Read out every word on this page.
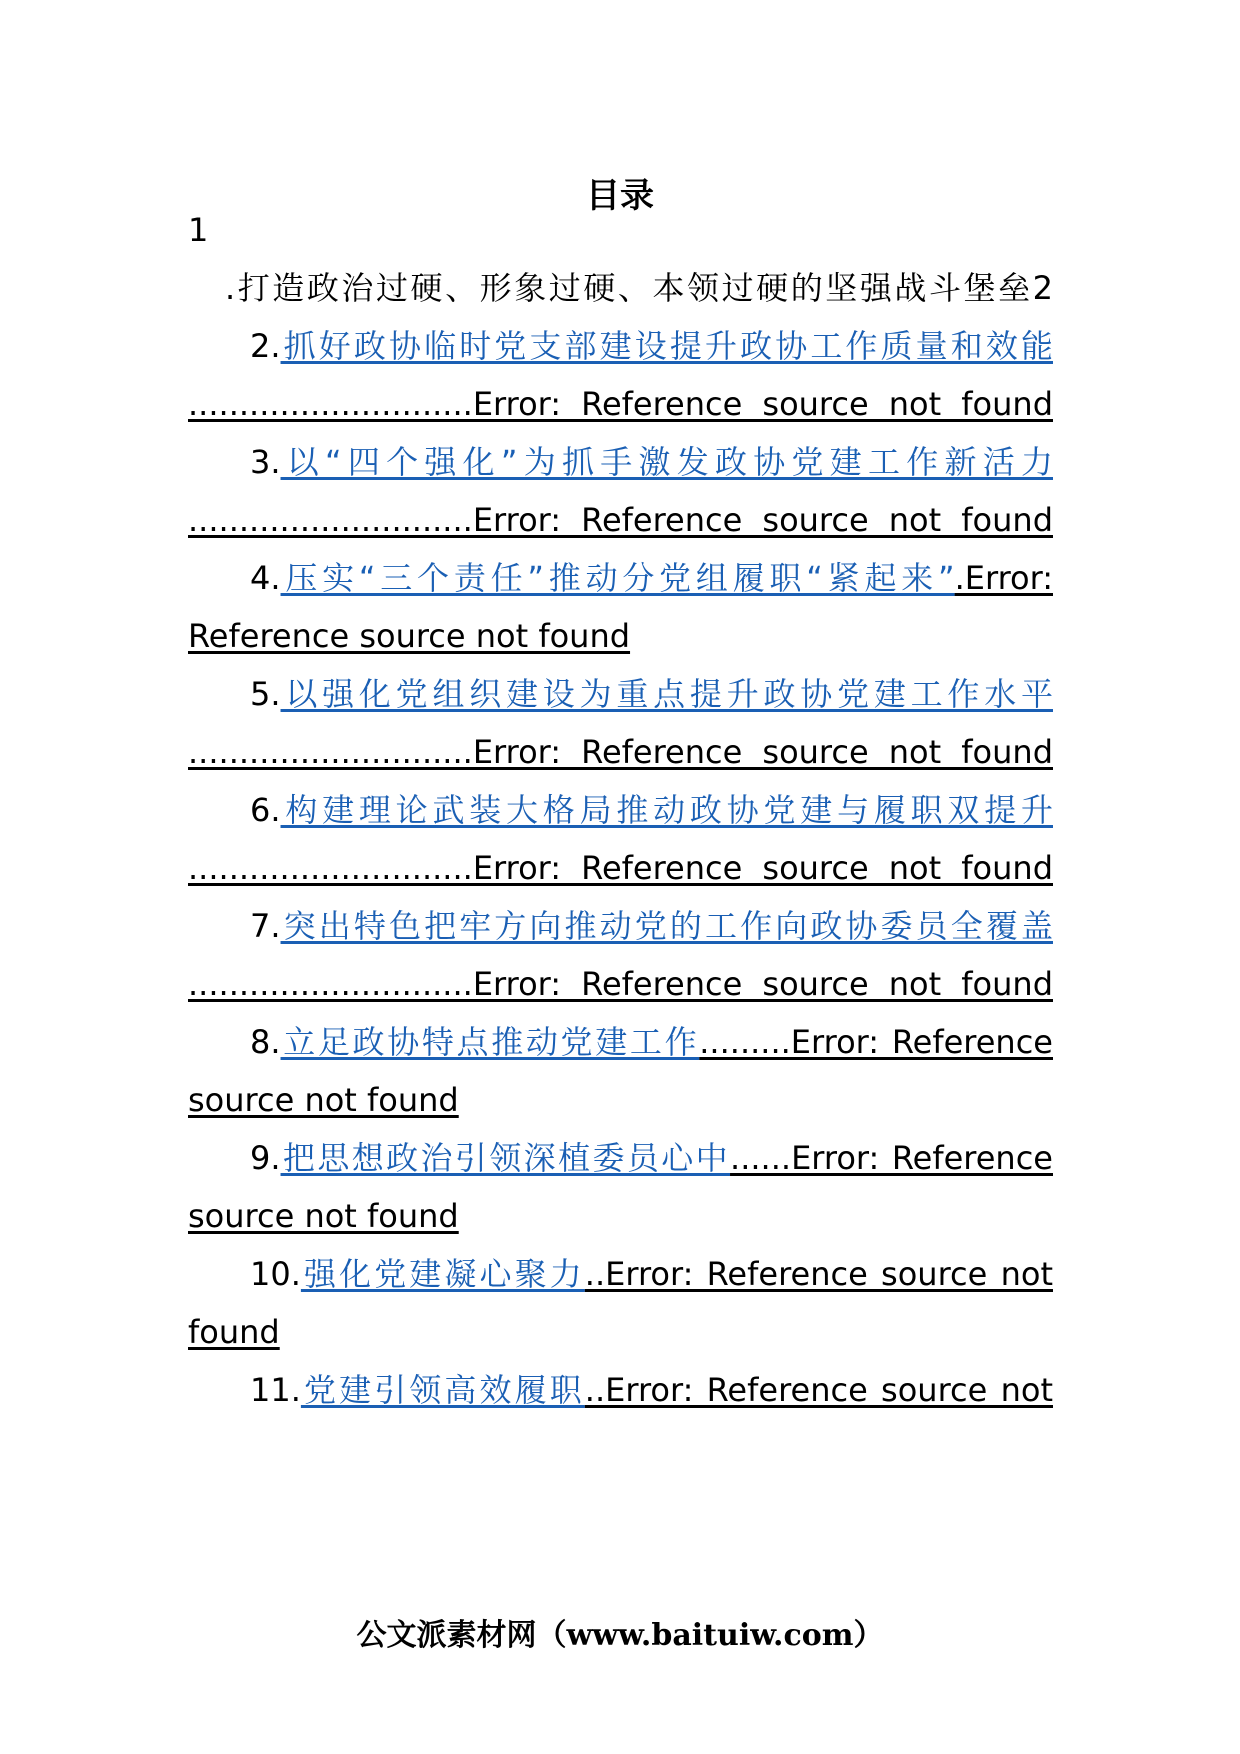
目录
1
.打造政治过硬、形象过硬、本领过硬的坚强战斗堡垒2
2.抓好政协临时党支部建设提升政协工作质量和效能
............................Error: Reference source not found
3.以“四个强化”为抓手激发政协党建工作新活力
............................Error: Reference source not found
4.压实“三个责任”推动分党组履职“紧起来”.Error:
Reference source not found
5.以强化党组织建设为重点提升政协党建工作水平
............................Error: Reference source not found
6.构建理论武装大格局推动政协党建与履职双提升
............................Error: Reference source not found
7.突出特色把牢方向推动党的工作向政协委员全覆盖
............................Error: Reference source not found
8.立足政协特点推动党建工作.........Error: Reference
source not found
9.把思想政治引领深植委员心中......Error: Reference
source not found
10.强化党建凝心聚力..Error: Reference source not
found
11.党建引领高效履职..Error: Reference source not
公文派素材网（www.baituiw.com）
